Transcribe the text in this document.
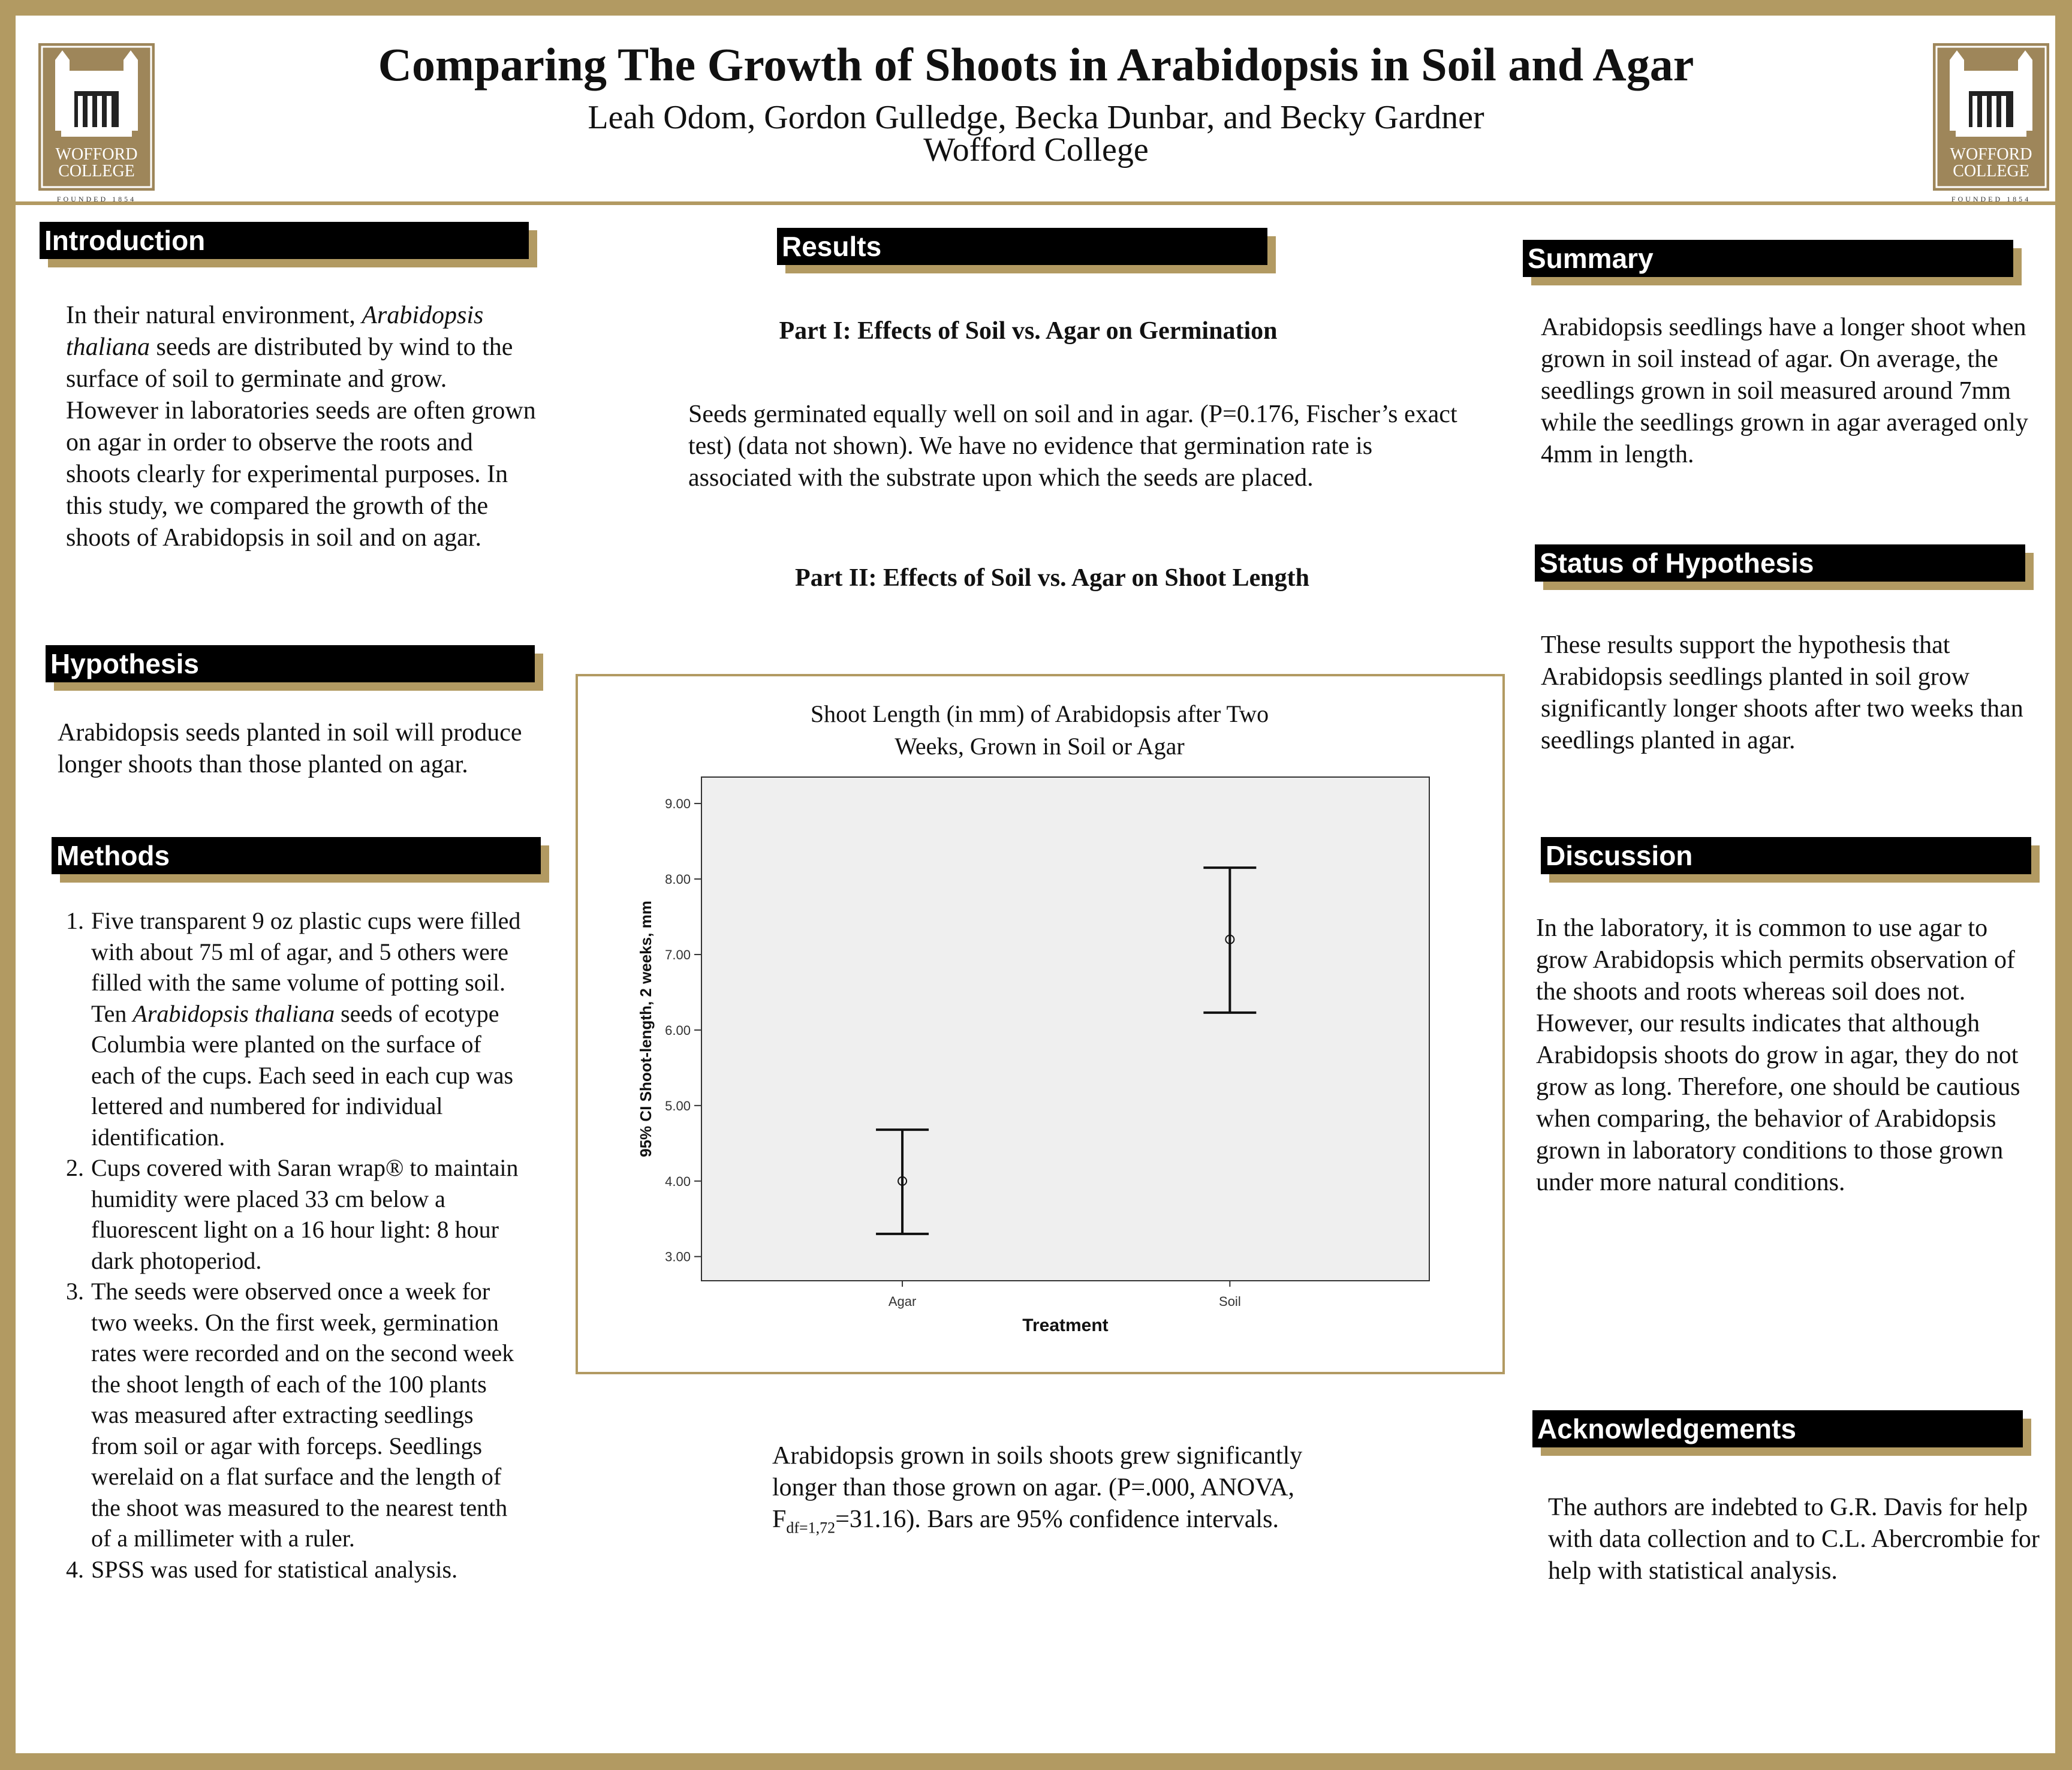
WOFFORD
COLLEGE
FOUNDED 1854
WOFFORD
COLLEGE
FOUNDED 1854
Comparing The Growth of Shoots in Arabidopsis in Soil and Agar
Leah Odom, Gordon Gulledge, Becka Dunbar, and Becky Gardner
Wofford College
Introduction

In their natural environment, Arabidopsis thaliana seeds are distributed by wind to the surface of soil to germinate and grow. However in laboratories seeds are often grown on agar in order to observe the roots and shoots clearly for experimental purposes. In this study, we compared the growth of the shoots of Arabidopsis in soil and on agar.

Hypothesis

Arabidopsis seeds planted in soil will produce longer shoots than those planted on agar.

Methods
1. Five transparent 9 oz plastic cups were filled with about 75 ml of agar, and 5 others were filled with the same volume of potting soil. Ten Arabidopsis thaliana seeds of ecotype Columbia were planted on the surface of each of the cups. Each seed in each cup was lettered and numbered for individual identification.
2. Cups covered with Saran wrap® to maintain humidity were placed 33 cm below a fluorescent light on a 16 hour light: 8 hour dark photoperiod.
3. The seeds were observed once a week for two weeks. On the first week, germination rates were recorded and on the second week the shoot length of each of the 100 plants was measured after extracting seedlings from soil or agar with forceps. Seedlings werelaid on a flat surface and the length of the shoot was measured to the nearest tenth of a millimeter with a ruler.
4. SPSS was used for statistical analysis.
Results
Part I: Effects of Soil vs. Agar on Germination

Seeds germinated equally well on soil and in agar. (P=0.176, Fischer’s exact test) (data not shown). We have no evidence that germination rate is associated with the substrate upon which the seeds are placed.

Part II: Effects of Soil vs. Agar on Shoot Length
Shoot Length (in mm) of Arabidopsis after Two
Weeks, Grown in Soil or Agar
3.00
4.00
5.00
6.00
7.00
8.00
9.00
Agar	Soil
Treatment
95% CI Shoot-length, 2 weeks, mm

Arabidopsis grown in soils shoots grew significantly longer than those grown on agar. (P=.000, ANOVA, $F_{df=1,72}=31.16$). Bars are 95% confidence intervals.

Summary

Arabidopsis seedlings have a longer shoot when grown in soil instead of agar. On average, the seedlings grown in soil measured around 7mm while the seedlings grown in agar averaged only 4mm in length.

Status of Hypothesis

These results support the hypothesis that Arabidopsis seedlings planted in soil grow significantly longer shoots after two weeks than seedlings planted in agar.

Discussion

In the laboratory, it is common to use agar to grow Arabidopsis which permits observation of the shoots and roots whereas soil does not. However, our results indicates that although Arabidopsis shoots do grow in agar, they do not grow as long. Therefore, one should be cautious when comparing, the behavior of Arabidopsis grown in laboratory conditions to those grown under more natural conditions.

Acknowledgements

The authors are indebted to G.R. Davis for help with data collection and to C.L. Abercrombie for help with statistical analysis.
